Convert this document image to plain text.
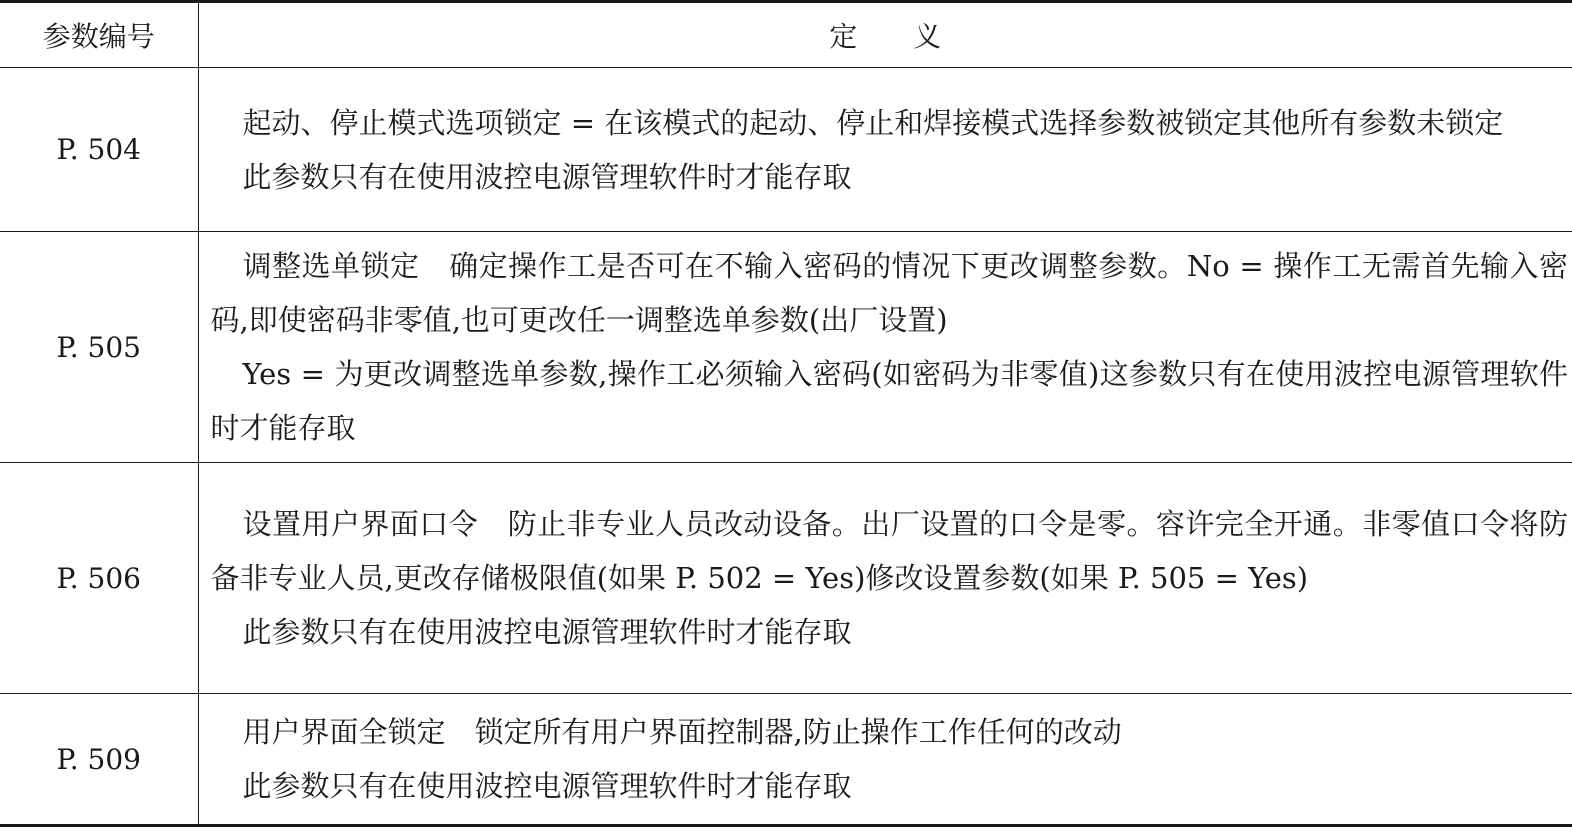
参数编号	定 义
P. 504	起动、停止模式选项锁定 = 在该模式的起动、停止和焊接模式选择参数被锁定其他所有参数未锁定

此参数只有在使用波控电源管理软件时才能存取

P. 505	调整选单锁定　确定操作工是否可在不输入密码的情况下更改调整参数。No = 操作工无需首先输入密码,即使密码非零值,也可更改任一调整选单参数(出厂设置)

Yes = 为更改调整选单参数,操作工必须输入密码(如密码为非零值)这参数只有在使用波控电源管理软件时才能存取

P. 506	设置用户界面口令　防止非专业人员改动设备。出厂设置的口令是零。容许完全开通。非零值口令将防备非专业人员,更改存储极限值(如果 P. 502 = Yes)修改设置参数(如果 P. 505 = Yes)

此参数只有在使用波控电源管理软件时才能存取

P. 509	用户界面全锁定　锁定所有用户界面控制器,防止操作工作任何的改动

此参数只有在使用波控电源管理软件时才能存取
